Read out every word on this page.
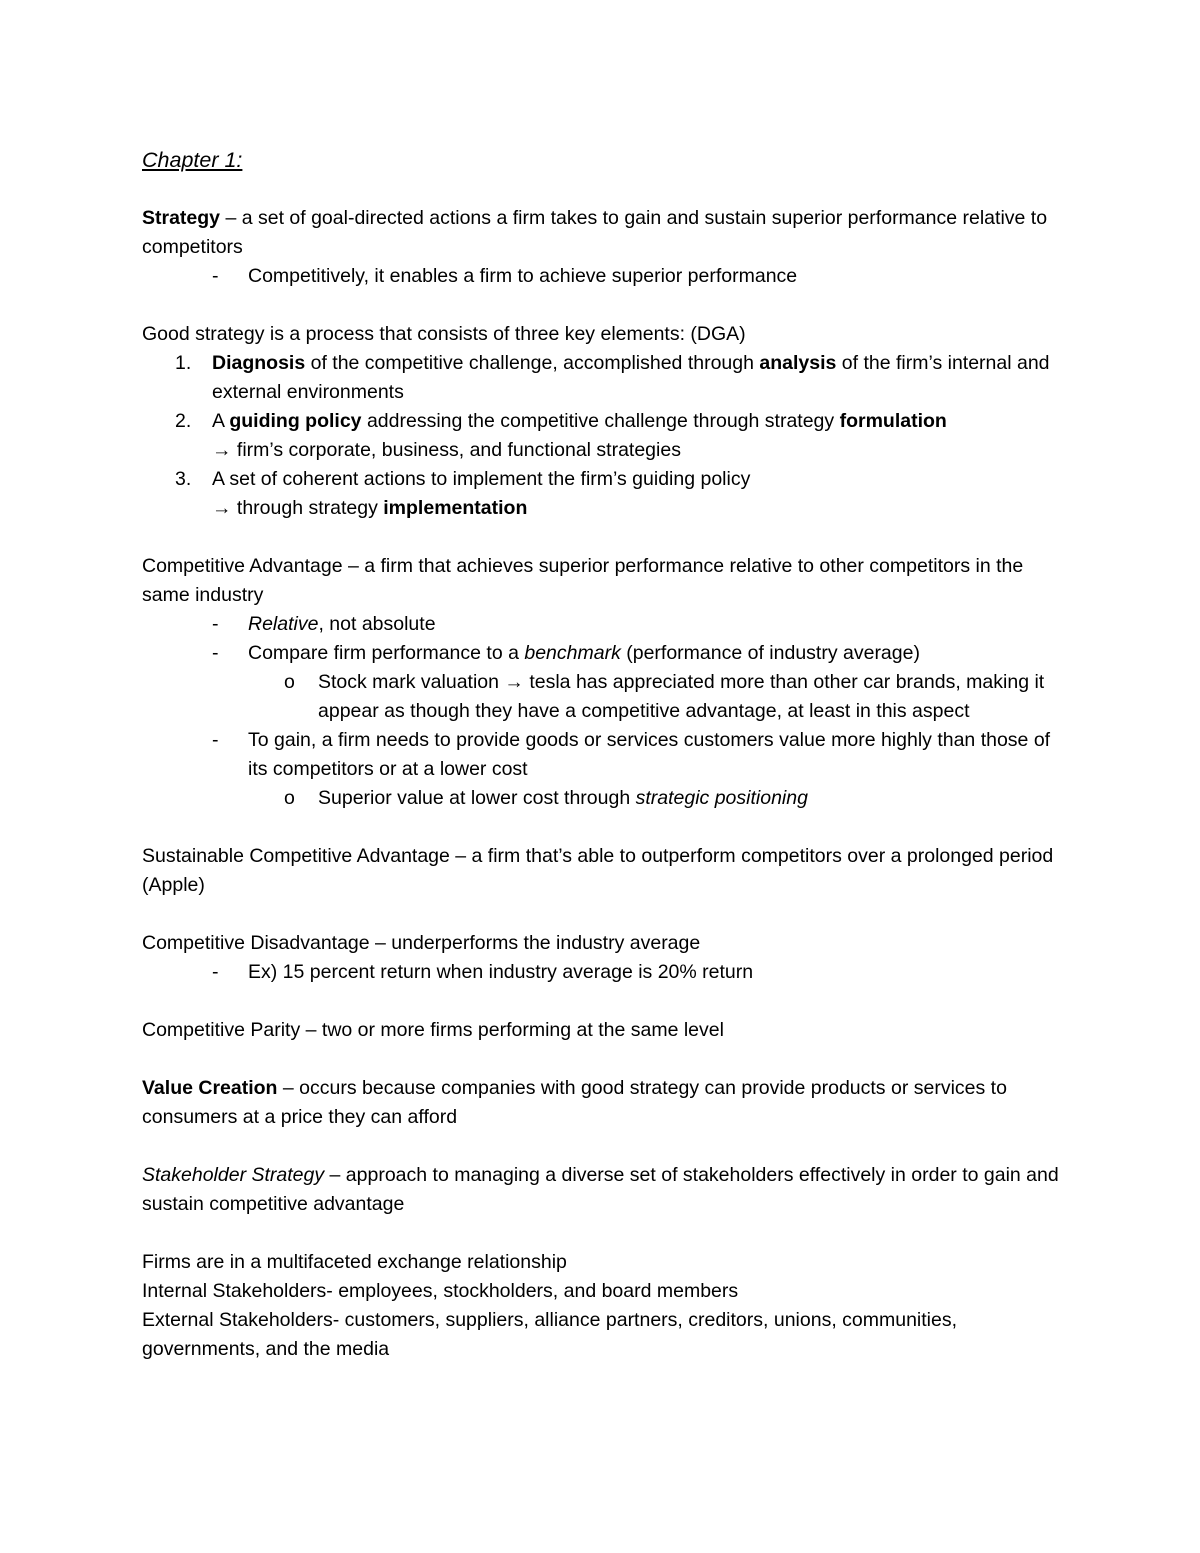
Chapter 1:

Strategy – a set of goal-directed actions a firm takes to gain and sustain superior performance relative to competitors

- Competitively, it enables a firm to achieve superior performance

Good strategy is a process that consists of three key elements: (DGA)

1. Diagnosis of the competitive challenge, accomplished through analysis of the firm’s internal and external environments

2. A guiding policy addressing the competitive challenge through strategy formulation

→ firm’s corporate, business, and functional strategies

3. A set of coherent actions to implement the firm’s guiding policy

→ through strategy implementation

Competitive Advantage – a firm that achieves superior performance relative to other competitors in the same industry

- Relative, not absolute

- Compare firm performance to a benchmark (performance of industry average)

o Stock mark valuation → tesla has appreciated more than other car brands, making it appear as though they have a competitive advantage, at least in this aspect

- To gain, a firm needs to provide goods or services customers value more highly than those of its competitors or at a lower cost

o Superior value at lower cost through strategic positioning

Sustainable Competitive Advantage – a firm that’s able to outperform competitors over a prolonged period (Apple)

Competitive Disadvantage – underperforms the industry average

- Ex) 15 percent return when industry average is 20% return

Competitive Parity – two or more firms performing at the same level

Value Creation – occurs because companies with good strategy can provide products or services to consumers at a price they can afford

Stakeholder Strategy – approach to managing a diverse set of stakeholders effectively in order to gain and sustain competitive advantage

Firms are in a multifaceted exchange relationship

Internal Stakeholders- employees, stockholders, and board members

External Stakeholders- customers, suppliers, alliance partners, creditors, unions, communities, governments, and the media
